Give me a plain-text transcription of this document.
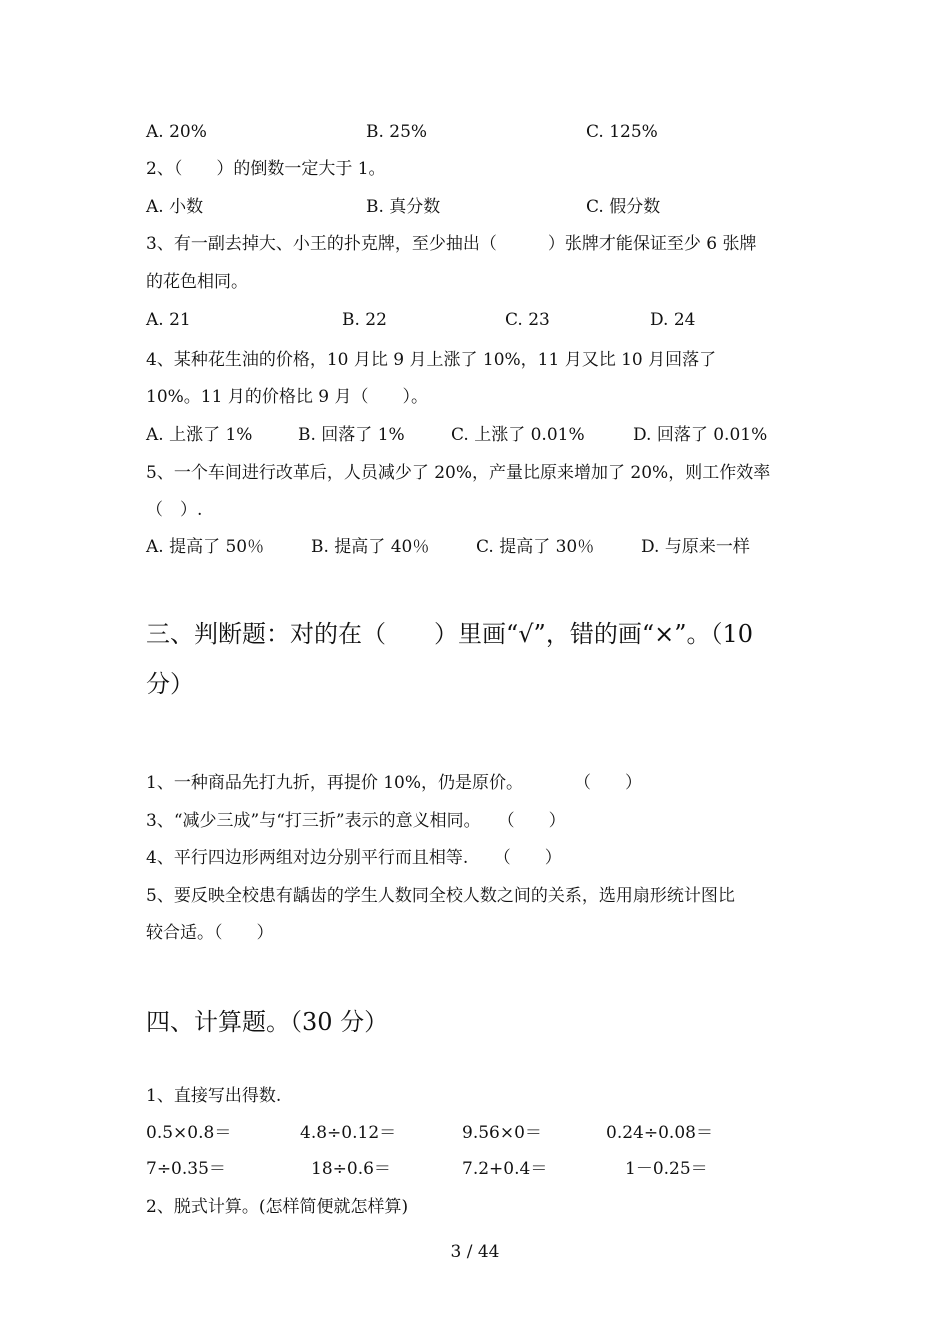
A. 20%	B. 25%	C. 125%
2、（　　）的倒数一定大于 1。
A. 小数	B. 真分数	C. 假分数
3、有一副去掉大、小王的扑克牌，至少抽出（　　　）张牌才能保证至少 6 张牌
的花色相同。
A. 21	B. 22	C. 23	D. 24
4、某种花生油的价格，10 月比 9 月上涨了 10%，11 月又比 10 月回落了
10%。11 月的价格比 9 月（　　）。
A. 上涨了 1%	B. 回落了 1%	C. 上涨了 0.01%	D. 回落了 0.01%
5、一个车间进行改革后，人员减少了 20%，产量比原来增加了 20%，则工作效率
（　）.
A. 提高了 50％	B. 提高了 40％	C. 提高了 30％	D. 与原来一样
三、判断题：对的在（　　）里画“√”，错的画“×”。（10
分）
1、一种商品先打九折，再提价 10%，仍是原价。　　　　（　　）
3、“减少三成”与“打三折”表示的意义相同。　　（　　）
4、平行四边形两组对边分别平行而且相等.　　（　　）
5、要反映全校患有龋齿的学生人数同全校人数之间的关系，选用扇形统计图比
较合适。（　　）
四、计算题。（30 分）
1、直接写出得数.
0.5×0.8＝	4.8÷0.12＝	9.56×0＝	0.24÷0.08＝
7÷0.35＝	18÷0.6＝	7.2+0.4＝	1－0.25＝
2、脱式计算。(怎样简便就怎样算)
3 / 44
